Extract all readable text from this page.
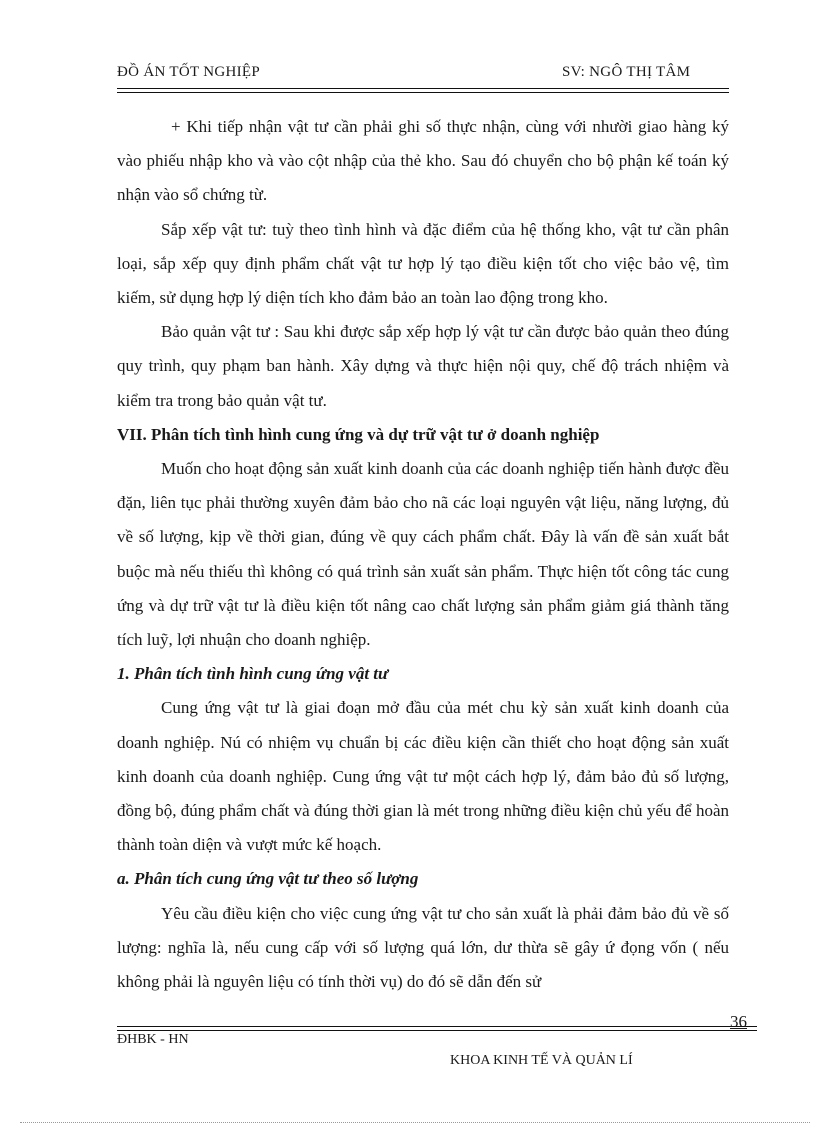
ĐỒ ÁN TỐT NGHIỆP	SV: NGÔ THỊ TÂM

+ Khi tiếp nhận vật tư cần phải ghi số thực nhận, cùng với nhười giao hàng ký vào phiếu nhập kho và vào cột nhập của thẻ kho. Sau đó chuyển cho bộ phận kế toán ký nhận vào sổ chứng từ.

Sắp xếp vật tư: tuỳ theo tình hình và đặc điểm của hệ thống kho, vật tư cần phân loại, sắp xếp quy định phẩm chất vật tư hợp lý tạo điều kiện tốt cho việc bảo vệ, tìm kiếm, sử dụng hợp lý diện tích kho đảm bảo an toàn lao động trong kho.

Bảo quản vật tư : Sau khi được sắp xếp hợp lý vật tư cần được bảo quản theo đúng quy trình, quy phạm ban hành. Xây dựng và thực hiện nội quy, chế độ trách nhiệm và kiểm tra trong bảo quản vật tư.

VII. Phân tích tình hình cung ứng và dự trữ vật tư ở doanh nghiệp

Muốn cho hoạt động sản xuất kinh doanh của các doanh nghiệp tiến hành được đều đặn, liên tục phải thường xuyên đảm bảo cho nã các loại nguyên vật liệu, năng lượng, đủ về số lượng, kịp về thời gian, đúng về quy cách phẩm chất. Đây là vấn đề sản xuất bắt buộc mà nếu thiếu thì không có quá trình sản xuất sản phẩm. Thực hiện tốt công tác cung ứng và dự trữ vật tư là điều kiện tốt nâng cao chất lượng sản phẩm giảm giá thành tăng tích luỹ, lợi nhuận cho doanh nghiệp.

1. Phân tích tình hình cung ứng vật tư

Cung ứng vật tư là giai đoạn mở đầu của mét chu kỳ sản xuất kinh doanh của doanh nghiệp. Nú có nhiệm vụ chuẩn bị các điều kiện cần thiết cho hoạt động sản xuất kinh doanh của doanh nghiệp. Cung ứng vật tư một cách hợp lý, đảm bảo đủ số lượng, đồng bộ, đúng phẩm chất và đúng thời gian là mét trong những điều kiện chủ yếu để hoàn thành toàn diện và vượt mức kế hoạch.

a. Phân tích cung ứng vật tư theo số lượng

Yêu cầu điều kiện cho việc cung ứng vật tư cho sản xuất là phải đảm bảo đủ về số lượng: nghĩa là, nếu cung cấp với số lượng quá lớn, dư thừa sẽ gây ứ đọng vốn ( nếu không phải là nguyên liệu có tính thời vụ) do đó sẽ dẫn đến sử

36
ĐHBK - HN
KHOA KINH TẾ VÀ QUẢN LÍ
